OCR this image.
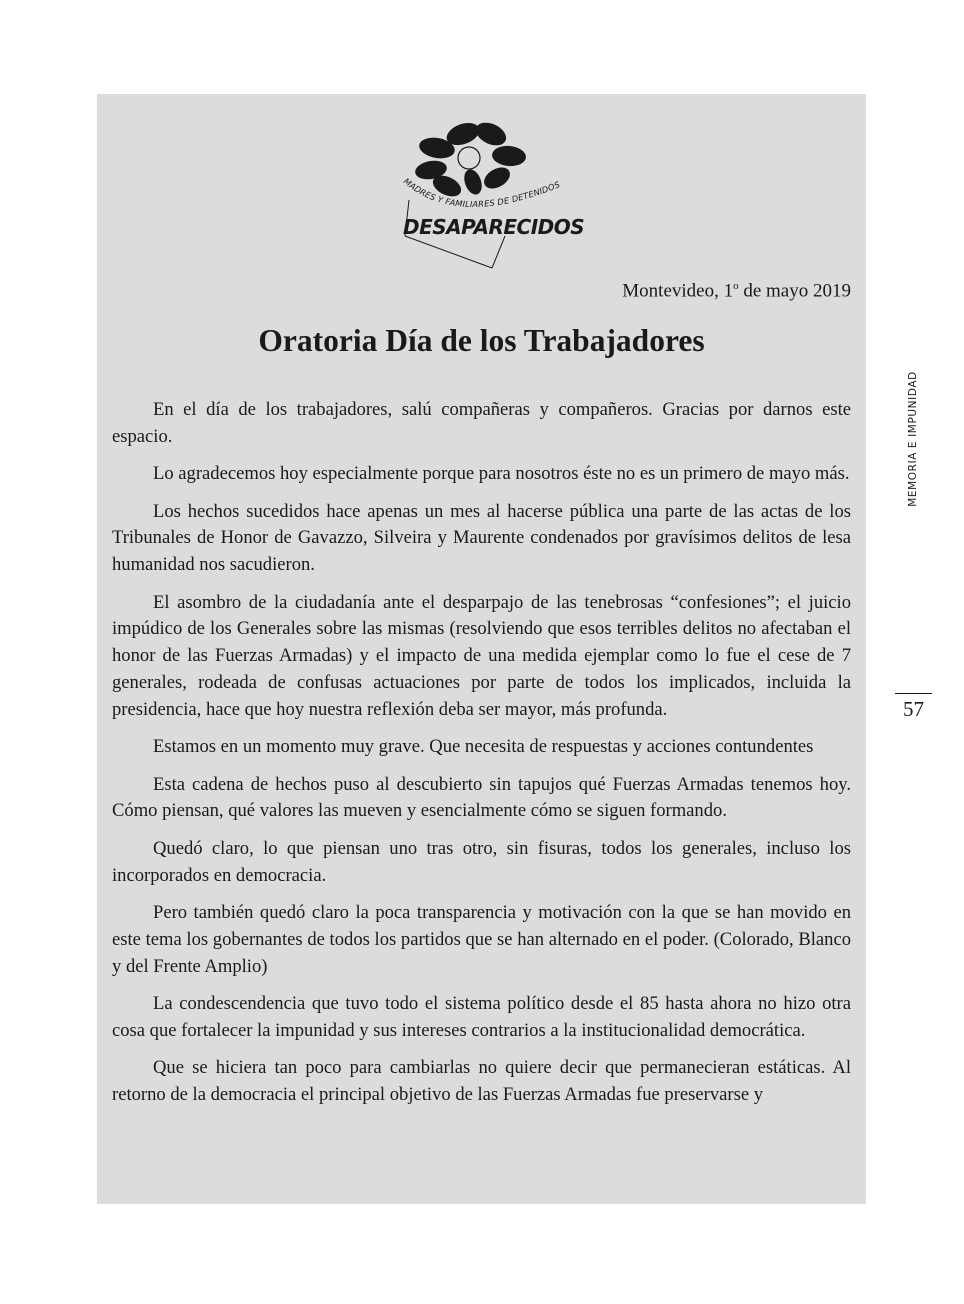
MADRES Y FAMILIARES DE DETENIDOS
DESAPARECIDOS
Montevideo, 1$^o$ de mayo 2019
Oratoria Día de los Trabajadores

En el día de los trabajadores, salú compañeras y compañeros. Gracias por darnos este espacio.

Lo agradecemos hoy especialmente porque para nosotros éste no es un primero de mayo más.

Los hechos sucedidos hace apenas un mes al hacerse pública una parte de las actas de los Tribunales de Honor de Gavazzo, Silveira y Maurente condenados por gravísimos delitos de lesa humanidad nos sacudieron.

El asombro de la ciudadanía ante el desparpajo de las tenebrosas “confesiones”; el juicio impúdico de los Generales sobre las mismas (resolviendo que esos terribles delitos no afectaban el honor de las Fuerzas Armadas) y el impacto de una medida ejemplar como lo fue el cese de 7 generales, rodeada de confusas actuaciones por parte de todos los implicados, incluida la presidencia, hace que hoy nuestra reflexión deba ser mayor, más profunda.

Estamos en un momento muy grave. Que necesita de respuestas y acciones contundentes

Esta cadena de hechos puso al descubierto sin tapujos qué Fuerzas Armadas tenemos hoy. Cómo piensan, qué valores las mueven y esencialmente cómo se siguen formando.

Quedó claro, lo que piensan uno tras otro, sin fisuras, todos los generales, incluso los incorporados en democracia.

Pero también quedó claro la poca transparencia y motivación con la que se han movido en este tema los gobernantes de todos los partidos que se han alternado en el poder. (Colorado, Blanco y del Frente Amplio)

La condescendencia que tuvo todo el sistema político desde el 85 hasta ahora no hizo otra cosa que fortalecer la impunidad y sus intereses contrarios a la institucionalidad democrática.

Que se hiciera tan poco para cambiarlas no quiere decir que permanecieran estáticas. Al retorno de la democracia el principal objetivo de las Fuerzas Armadas fue preservarse y

MEMORIA E IMPUNIDAD
57
